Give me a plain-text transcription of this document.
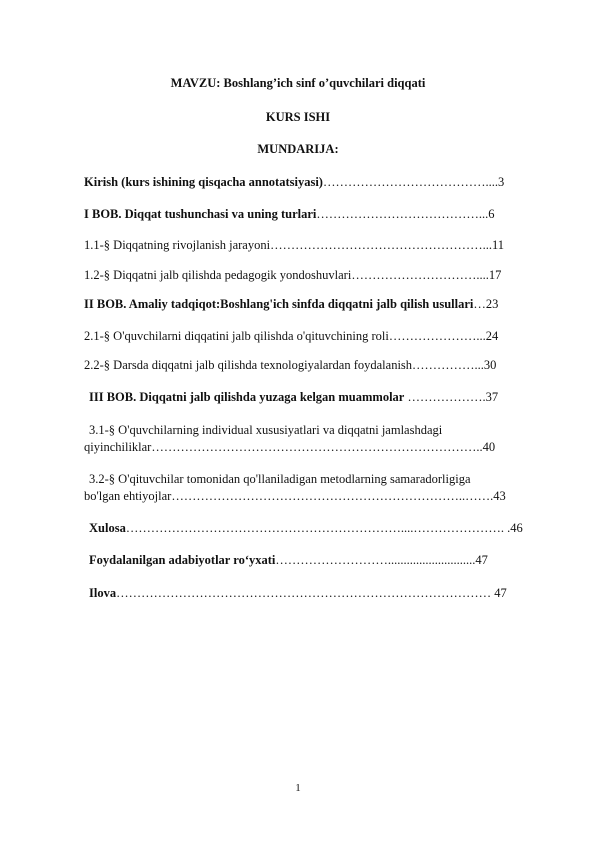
MAVZU: Boshlang’ich sinf o’quvchilari diqqati
KURS ISHI
MUNDARIJA:
Kirish (kurs ishining qisqacha annotatsiyasi)…………………………………....3
I BOB. Diqqat tushunchasi va uning turlari…………………………………...6
1.1-§ Diqqatning rivojlanish jarayoni……………………………………………...11
1.2-§ Diqqatni jalb qilishda pedagogik yondoshuvlari…………………………....17
II BOB. Amaliy tadqiqot:Boshlang'ich sinfda diqqatni jalb qilish usullari…23
2.1-§ O'quvchilarni diqqatini jalb qilishda o'qituvchining roli…………………...24
2.2-§ Darsda diqqatni jalb qilishda texnologiyalardan foydalanish……………...30
III BOB. Diqqatni jalb qilishda yuzaga kelgan muammolar ……………….37
3.1-§ O'quvchilarning individual xususiyatlari va diqqatni jamlashdagi
qiyinchiliklar……………………………………………………………………..40
3.2-§ O'qituvchilar tomonidan qo'llaniladigan metodlarning samaradorligiga
bo'lgan ehtiyojlar……………………………………………………………..…….43
Xulosa…………………………………………………………....…………………. .46
Foydalanilgan adabiyotlar ro‘yxati………………………............................47
Ilova……………………………………………………………………………… 47
1
